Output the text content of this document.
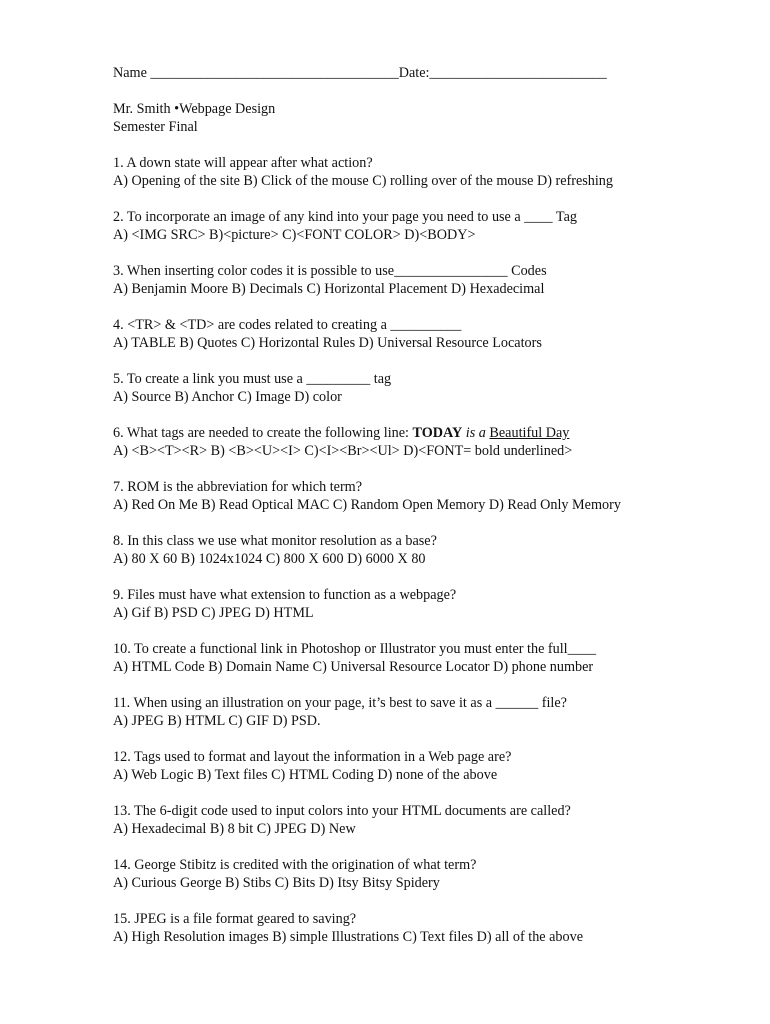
Name ___________________________________Date:_________________________
Mr. Smith •Webpage Design
Semester Final
1. A down state will appear after what action?
A) Opening of the site B) Click of the mouse C) rolling over of the mouse D) refreshing
2. To incorporate an image of any kind into your page you need to use a ____ Tag
A) <IMG SRC> B)<picture> C)<FONT COLOR> D)<BODY>
3. When inserting color codes it is possible to use________________ Codes
A) Benjamin Moore B) Decimals C) Horizontal Placement D) Hexadecimal
4. <TR> & <TD> are codes related to creating a __________
A) TABLE B) Quotes C) Horizontal Rules D) Universal Resource Locators
5. To create a link you must use a _________ tag
A) Source B) Anchor C) Image D) color
6. What tags are needed to create the following line: TODAY is a Beautiful Day
A) <B><T><R> B) <B><U><I> C)<I><Br><Ul> D)<FONT= bold underlined>
7. ROM is the abbreviation for which term?
A) Red On Me B) Read Optical MAC C) Random Open Memory D) Read Only Memory
8. In this class we use what monitor resolution as a base?
A) 80 X 60 B) 1024x1024 C) 800 X 600 D) 6000 X 80
9. Files must have what extension to function as a webpage?
A) Gif B) PSD C) JPEG D) HTML
10. To create a functional link in Photoshop or Illustrator you must enter the full____
A) HTML Code B) Domain Name C) Universal Resource Locator D) phone number
11. When using an illustration on your page, it’s best to save it as a ______ file?
A) JPEG B) HTML C) GIF D) PSD.
12. Tags used to format and layout the information in a Web page are?
A) Web Logic B) Text files C) HTML Coding D) none of the above
13. The 6-digit code used to input colors into your HTML documents are called?
A) Hexadecimal B) 8 bit C) JPEG D) New
14. George Stibitz is credited with the origination of what term?
A) Curious George B) Stibs C) Bits D) Itsy Bitsy Spidery
15. JPEG is a file format geared to saving?
A) High Resolution images B) simple Illustrations C) Text files D) all of the above
